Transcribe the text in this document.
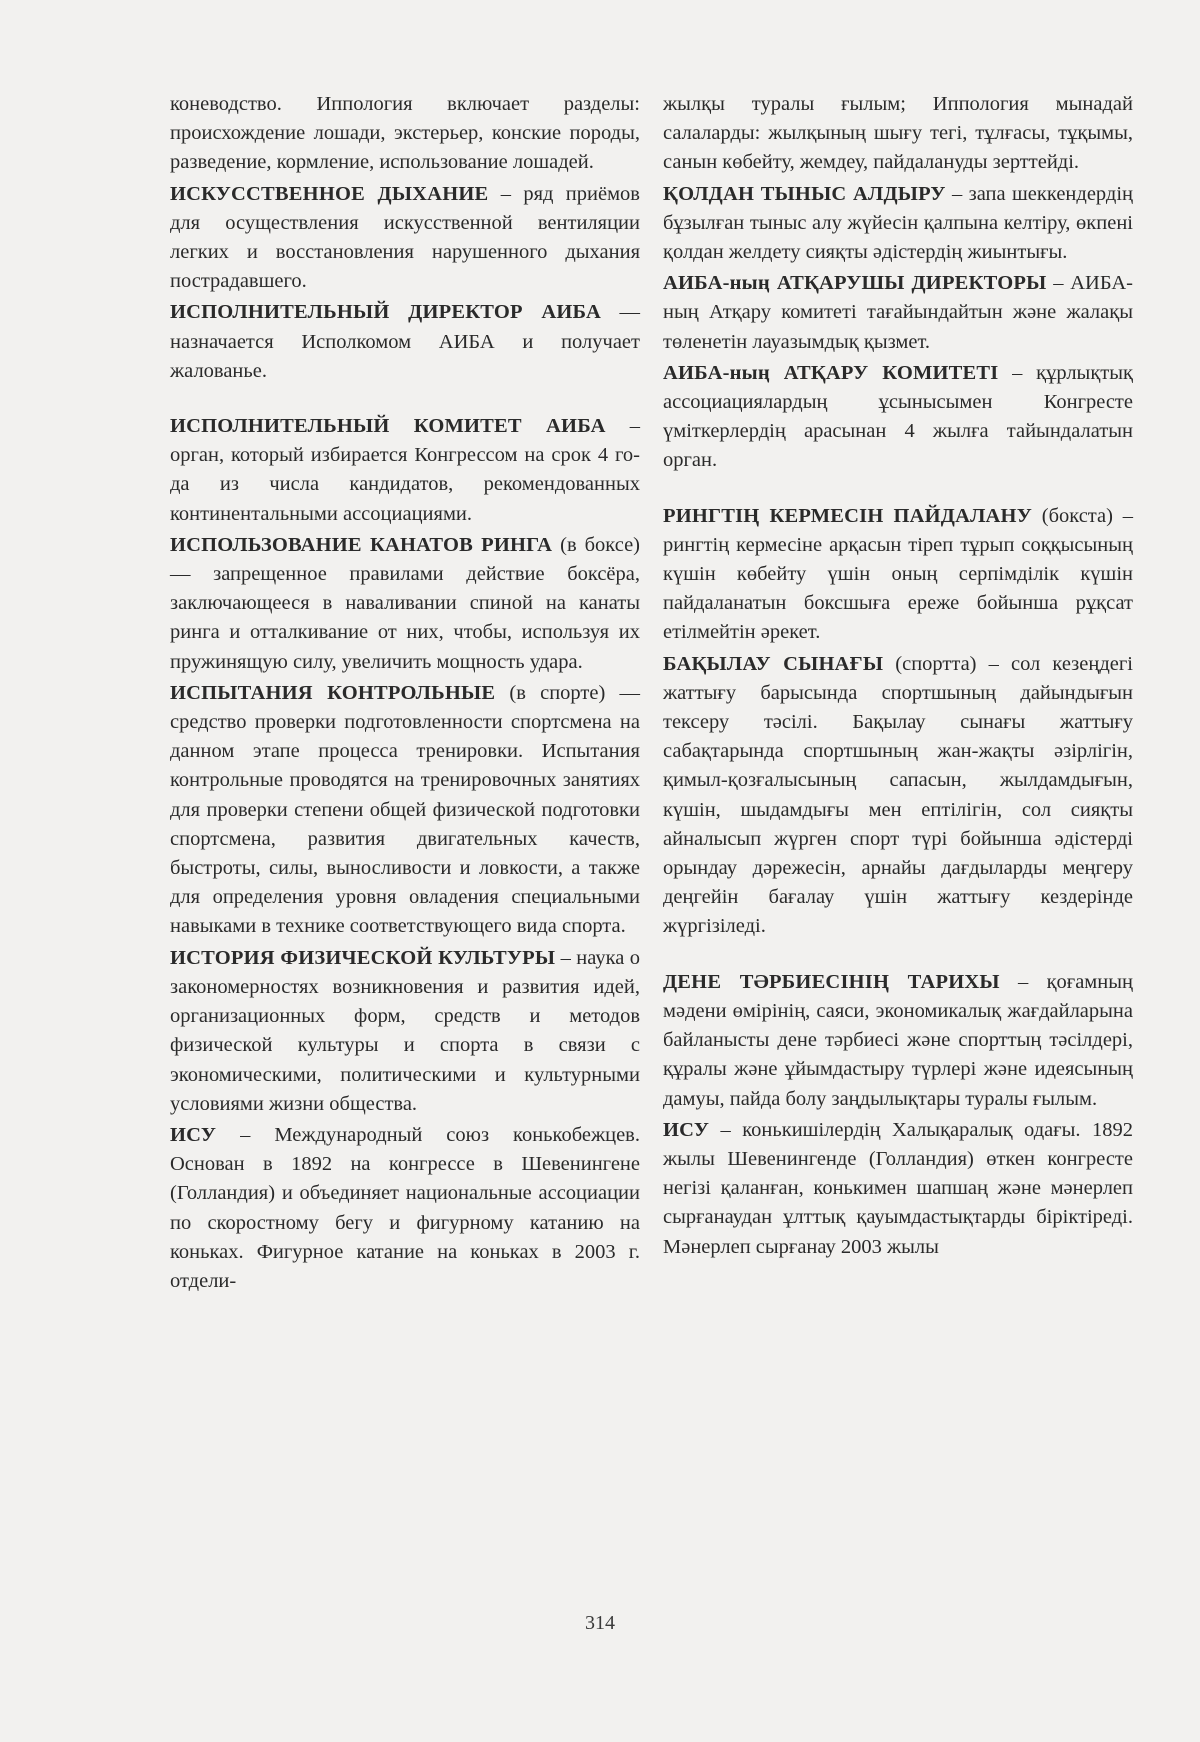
коневодство. Иппология включает разделы: происхождение лошади, экстерьер, конские породы, разведение, кормление, использование лошадей.

ИСКУССТВЕННОЕ ДЫХАНИЕ – ряд приёмов для осуществления искусственной вентиляции легких и восстановления нарушенного дыхания пострадавшего.

ИСПОЛНИТЕЛЬНЫЙ ДИРЕКТОР АИБА — назначается Исполкомом АИБА и получает жалованье.

ИСПОЛНИТЕЛЬНЫЙ КОМИТЕТ АИБА – орган, который избирается Конгрессом на срок 4 го-да из числа кандидатов, рекомендованных континентальными ассоциациями.

ИСПОЛЬЗОВАНИЕ КАНАТОВ РИНГА (в боксе) — запрещенное правилами действие боксёра, заключающееся в наваливании спиной на канаты ринга и отталкивание от них, чтобы, используя их пружинящую силу, увеличить мощность удара.

ИСПЫТАНИЯ КОНТРОЛЬНЫЕ (в спорте) — средство проверки подготовленности спортсмена на данном этапе процесса тренировки. Испытания контрольные проводятся на тренировочных занятиях для проверки степени общей физической подготовки спортсмена, развития двигательных качеств, быстроты, силы, выносливости и ловкости, а также для определения уровня овладения специальными навыками в технике соответствующего вида спорта.

ИСТОРИЯ ФИЗИЧЕСКОЙ КУЛЬТУРЫ – наука о закономерностях возникновения и развития идей, организационных форм, средств и методов физической культуры и спорта в связи с экономическими, политическими и культурными условиями жизни общества.

ИСУ – Международный союз конькобежцев. Основан в 1892 на конгрессе в Шевенингене (Голландия) и объединяет национальные ассоциации по скоростному бегу и фигурному катанию на коньках. Фигурное катание на коньках в 2003 г. отдели-

жылқы туралы ғылым; Иппология мынадай салаларды: жылқының шығу тегі, тұлғасы, тұқымы, санын көбейту, жемдеу, пайдалануды зерттейді.

ҚОЛДАН ТЫНЫС АЛДЫРУ – запа шеккендердің бұзылған тыныс алу жүйесін қалпына келтіру, өкпені қолдан желдету сияқты әдістердің жиынтығы.

АИБА-ның АТҚАРУШЫ ДИРЕКТОРЫ – АИБА-ның Атқару комитеті тағайындайтын және жалақы төленетін лауазымдық қызмет.

АИБА-ның АТҚАРУ КОМИТЕТІ – құрлықтық ассоциациялардың ұсынысымен Конгресте үміткерлердің арасынан 4 жылға тайындалатын орган.

РИНГТІҢ КЕРМЕСІН ПАЙДАЛАНУ (бокста) – рингтің кермесіне арқасын тіреп тұрып соққысының күшін көбейту үшін оның серпімділік күшін пайдаланатын боксшыға ереже бойынша рұқсат етілмейтін әрекет.

БАҚЫЛАУ СЫНАҒЫ (спортта) – сол кезеңдегі жаттығу барысында спортшының дайындығын тексеру тәсілі. Бақылау сынағы жаттығу сабақтарында спортшының жан-жақты әзірлігін, қимыл-қозғалысының сапасын, жылдамдығын, күшін, шыдамдығы мен ептілігін, сол сияқты айналысып жүрген спорт түрі бойынша әдістерді орындау дәрежесін, арнайы дағдыларды меңгеру деңгейін бағалау үшін жаттығу кездерінде жүргізіледі.

ДЕНЕ ТӘРБИЕСІНІҢ ТАРИХЫ – қоғамның мәдени өмірінің, саяси, экономикалық жағдайларына байланысты дене тәрбиесі және спорттың тәсілдері, құралы және ұйымдастыру түрлері және идеясының дамуы, пайда болу заңдылықтары туралы ғылым.

ИСУ – конькишілердің Халықаралық одағы. 1892 жылы Шевенингенде (Голландия) өткен конгресте негізі қаланған, конькимен шапшаң және мәнерлеп сырғанаудан ұлттық қауымдастықтарды біріктіреді. Мәнерлеп сырғанау 2003 жылы

314
